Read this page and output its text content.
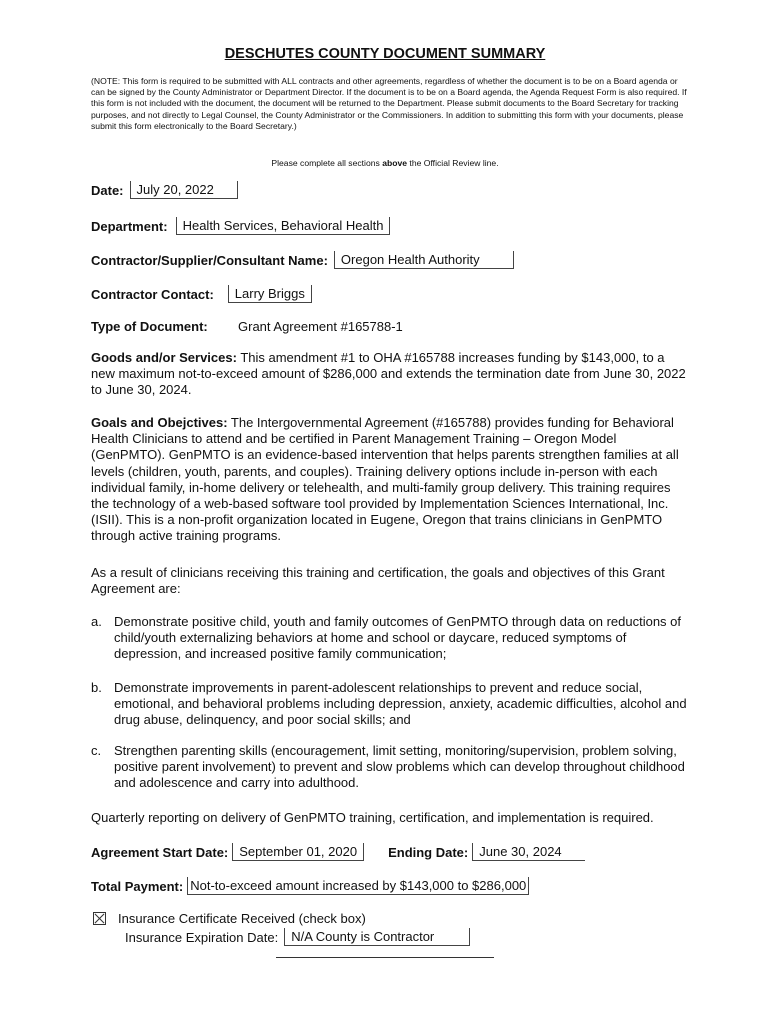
DESCHUTES COUNTY DOCUMENT SUMMARY
(NOTE: This form is required to be submitted with ALL contracts and other agreements, regardless of whether the document is to be on a Board agenda or can be signed by the County Administrator or Department Director. If the document is to be on a Board agenda, the Agenda Request Form is also required. If this form is not included with the document, the document will be returned to the Department. Please submit documents to the Board Secretary for tracking purposes, and not directly to Legal Counsel, the County Administrator or the Commissioners. In addition to submitting this form with your documents, please submit this form electronically to the Board Secretary.)
Please complete all sections above the Official Review line.
Date:	July 20, 2022
Department:	Health Services, Behavioral Health
Contractor/Supplier/Consultant Name:	Oregon Health Authority
Contractor Contact:	Larry Briggs
Type of Document:	Grant Agreement #165788-1
Goods and/or Services: This amendment #1 to OHA #165788 increases funding by $143,000, to a new maximum not-to-exceed amount of $286,000 and extends the termination date from June 30, 2022 to June 30, 2024.
Goals and Obejctives: The Intergovernmental Agreement (#165788) provides funding for Behavioral Health Clinicians to attend and be certified in Parent Management Training – Oregon Model (GenPMTO). GenPMTO is an evidence-based intervention that helps parents strengthen families at all levels (children, youth, parents, and couples). Training delivery options include in-person with each individual family, in-home delivery or telehealth, and multi-family group delivery. This training requires the technology of a web-based software tool provided by Implementation Sciences International, Inc. (ISII). This is a non-profit organization located in Eugene, Oregon that trains clinicians in GenPMTO through active training programs.
As a result of clinicians receiving this training and certification, the goals and objectives of this Grant Agreement are:
a. Demonstrate positive child, youth and family outcomes of GenPMTO through data on reductions of child/youth externalizing behaviors at home and school or daycare, reduced symptoms of depression, and increased positive family communication;
b. Demonstrate improvements in parent-adolescent relationships to prevent and reduce social, emotional, and behavioral problems including depression, anxiety, academic difficulties, alcohol and drug abuse, delinquency, and poor social skills; and
c. Strengthen parenting skills (encouragement, limit setting, monitoring/supervision, problem solving, positive parent involvement) to prevent and slow problems which can develop throughout childhood and adolescence and carry into adulthood.
Quarterly reporting on delivery of GenPMTO training, certification, and implementation is required.
Agreement Start Date: September 01, 2020	Ending Date: June 30, 2024
Total Payment: Not-to-exceed amount increased by $143,000 to $286,000
Insurance Certificate Received (check box)
Insurance Expiration Date:	N/A County is Contractor
